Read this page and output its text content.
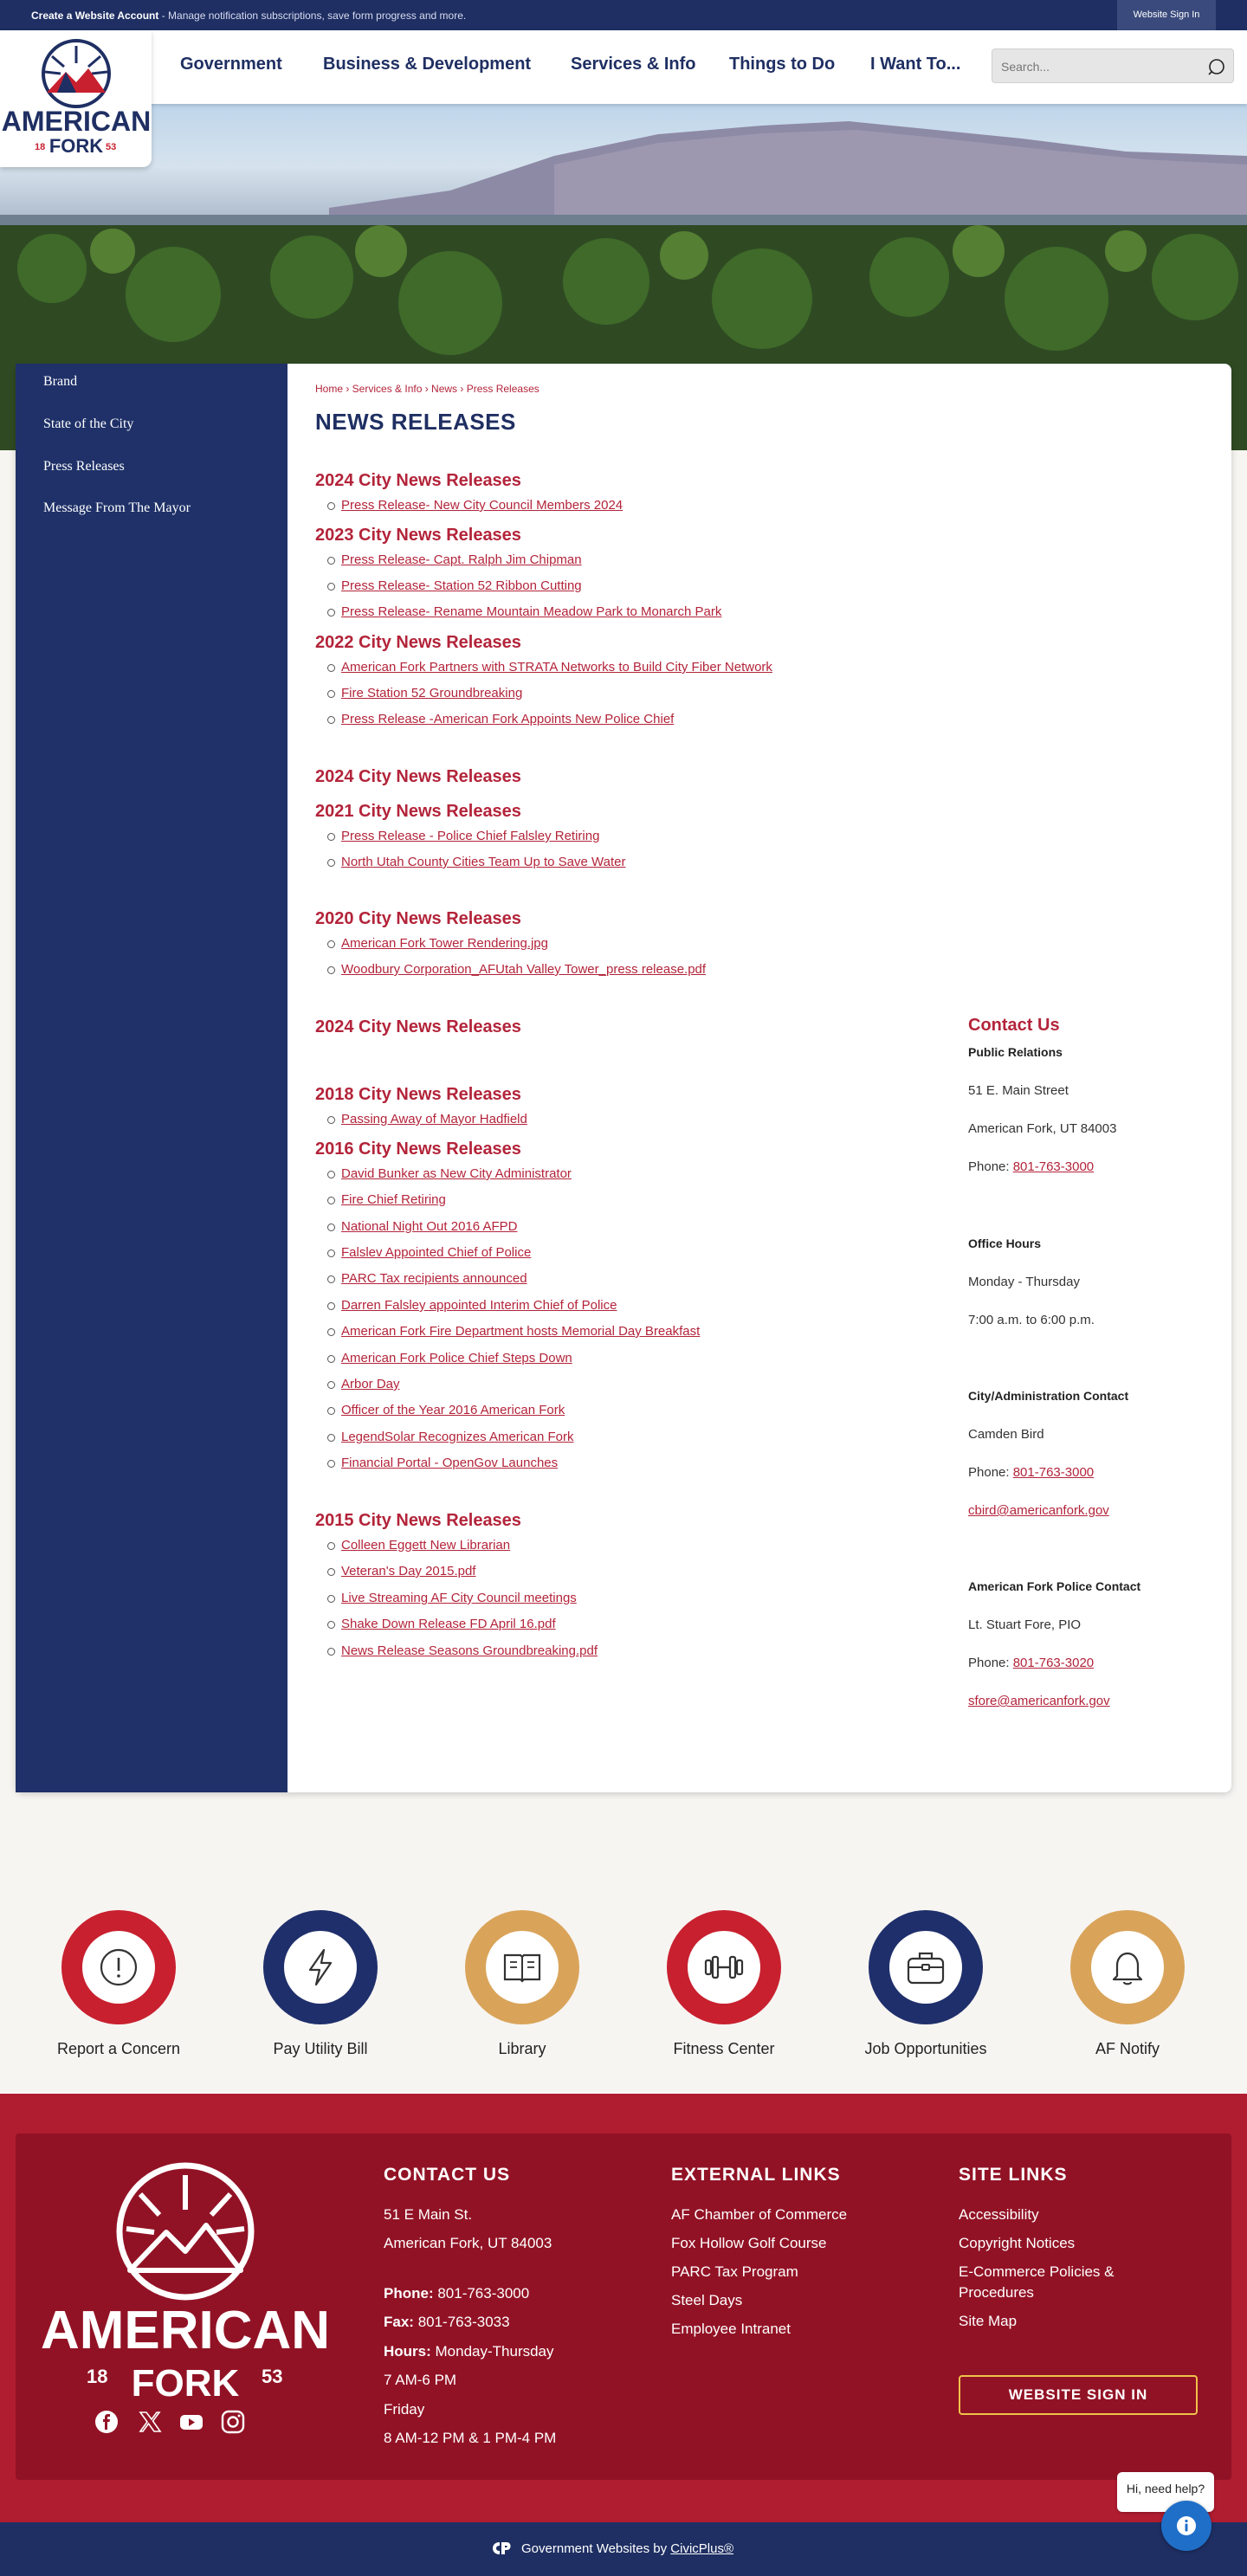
Create a Website Account - Manage notification subscriptions, save form progress and more.	Website Sign In
Government Business & Development Services & Info Things to Do I Want To...
Search...
AMERICAN
FORK
18	53
Brand
State of the City
Press Releases
Message From The Mayor
Home › Services & Info › News › Press Releases
NEWS RELEASES
2024 City News Releases
Press Release- New City Council Members 2024
2023 City News Releases
Press Release- Capt. Ralph Jim Chipman
Press Release- Station 52 Ribbon Cutting
Press Release- Rename Mountain Meadow Park to Monarch Park
2022 City News Releases
American Fork Partners with STRATA Networks to Build City Fiber Network
Fire Station 52 Groundbreaking
Press Release -American Fork Appoints New Police Chief
2024 City News Releases
2021 City News Releases
Press Release - Police Chief Falsley Retiring
North Utah County Cities Team Up to Save Water
2020 City News Releases
American Fork Tower Rendering.jpg
Woodbury Corporation_AFUtah Valley Tower_press release.pdf
2024 City News Releases
2018 City News Releases
Passing Away of Mayor Hadfield
2016 City News Releases
David Bunker as New City Administrator
Fire Chief Retiring
National Night Out 2016 AFPD
Falslev Appointed Chief of Police
PARC Tax recipients announced
Darren Falsley appointed Interim Chief of Police
American Fork Fire Department hosts Memorial Day Breakfast
American Fork Police Chief Steps Down
Arbor Day
Officer of the Year 2016 American Fork
LegendSolar Recognizes American Fork
Financial Portal - OpenGov Launches
2015 City News Releases
Colleen Eggett New Librarian
Veteran's Day 2015.pdf
Live Streaming AF City Council meetings
Shake Down Release FD April 16.pdf
News Release Seasons Groundbreaking.pdf
Contact Us
Public Relations
51 E. Main Street
American Fork, UT 84003
Phone: 801-763-3000
Office Hours
Monday - Thursday
7:00 a.m. to 6:00 p.m.
City/Administration Contact
Camden Bird
Phone: 801-763-3000
cbird@americanfork.gov
American Fork Police Contact
Lt. Stuart Fore, PIO
Phone: 801-763-3020
sfore@americanfork.gov
Report a Concern	Pay Utility Bill	Library	Fitness Center	Job Opportunities	AF Notify
AMERICAN
FORK
18	53
CONTACT US
51 E Main St.
American Fork, UT 84003
Phone: 801-763-3000
Fax: 801-763-3033
Hours: Monday-Thursday
7 AM-6 PM
Friday
8 AM-12 PM & 1 PM-4 PM
EXTERNAL LINKS
AF Chamber of Commerce
Fox Hollow Golf Course
PARC Tax Program
Steel Days
Employee Intranet
SITE LINKS
Accessibility
Copyright Notices
E-Commerce Policies &
Procedures
Site Map
WEBSITE SIGN IN
Government Websites by CivicPlus®
Hi, need help?
